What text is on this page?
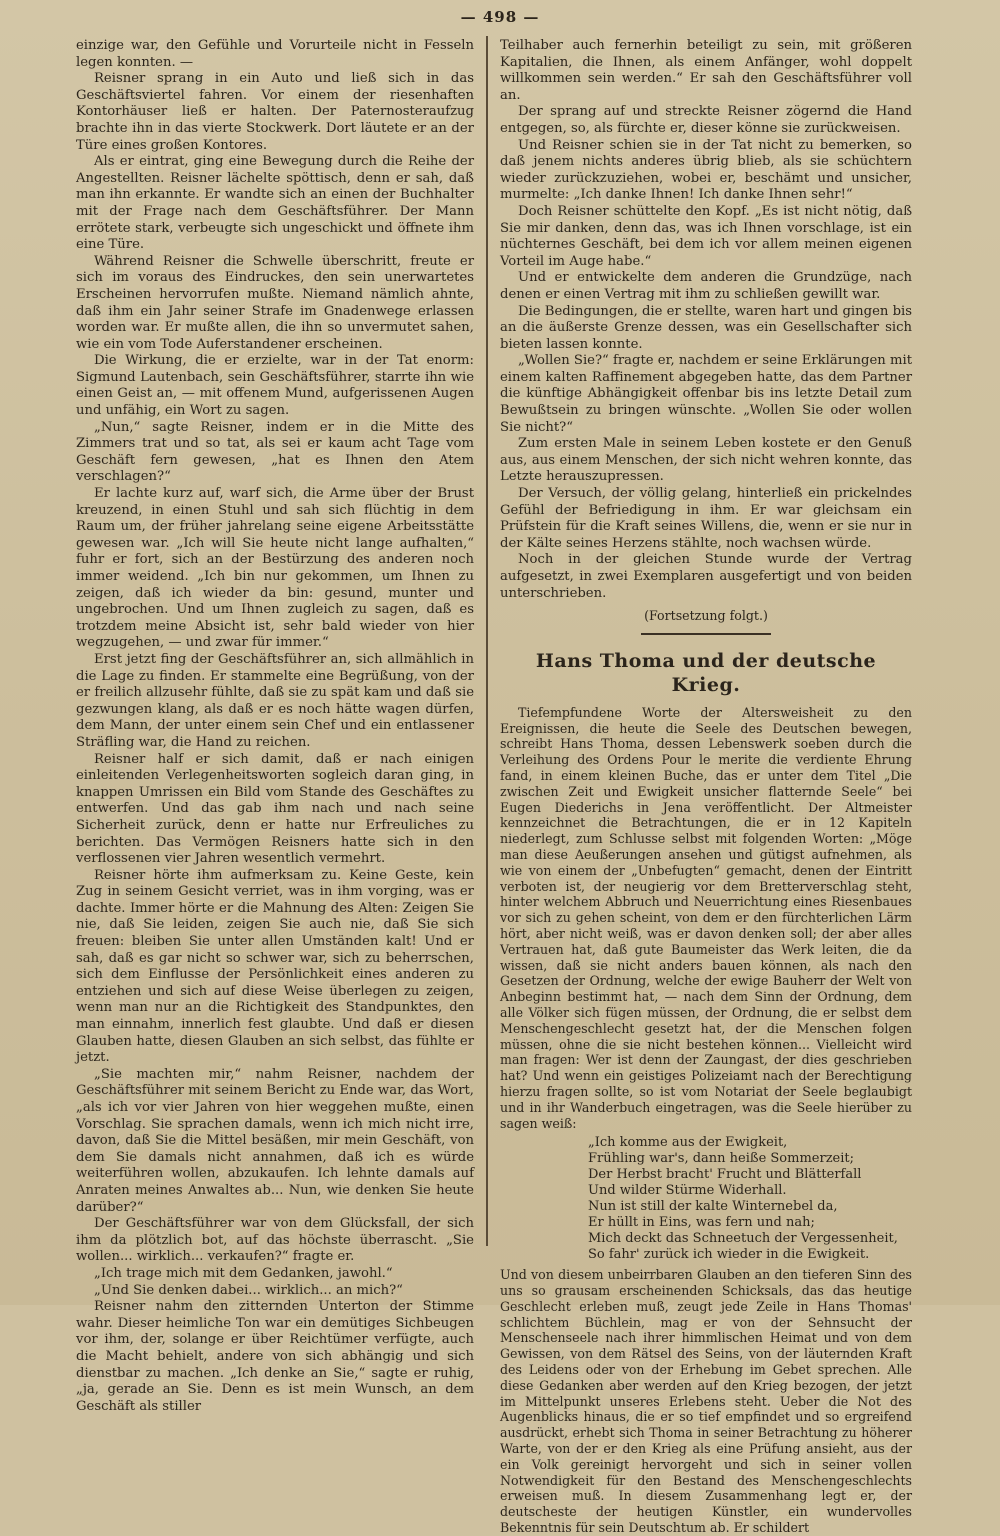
— 498 —

einzige war, den Gefühle und Vorurteile nicht in Fesseln legen konnten. —

Reisner sprang in ein Auto und ließ sich in das Geschäftsviertel fahren. Vor einem der riesenhaften Kontorhäuser ließ er halten. Der Paternosteraufzug brachte ihn in das vierte Stockwerk. Dort läutete er an der Türe eines großen Kontores.

Als er eintrat, ging eine Bewegung durch die Reihe der Angestellten. Reisner lächelte spöttisch, denn er sah, daß man ihn erkannte. Er wandte sich an einen der Buchhalter mit der Frage nach dem Geschäftsführer. Der Mann errötete stark, verbeugte sich ungeschickt und öffnete ihm eine Türe.

Während Reisner die Schwelle überschritt, freute er sich im voraus des Eindruckes, den sein unerwartetes Erscheinen hervorrufen mußte. Niemand nämlich ahnte, daß ihm ein Jahr seiner Strafe im Gnadenwege erlassen worden war. Er mußte allen, die ihn so unvermutet sahen, wie ein vom Tode Auferstandener erscheinen.

Die Wirkung, die er erzielte, war in der Tat enorm: Sigmund Lautenbach, sein Geschäftsführer, starrte ihn wie einen Geist an, — mit offenem Mund, aufgerissenen Augen und unfähig, ein Wort zu sagen.

„Nun,“ sagte Reisner, indem er in die Mitte des Zimmers trat und so tat, als sei er kaum acht Tage vom Geschäft fern gewesen, „hat es Ihnen den Atem verschlagen?“

Er lachte kurz auf, warf sich, die Arme über der Brust kreuzend, in einen Stuhl und sah sich flüchtig in dem Raum um, der früher jahrelang seine eigene Arbeitsstätte gewesen war. „Ich will Sie heute nicht lange aufhalten,“ fuhr er fort, sich an der Bestürzung des anderen noch immer weidend. „Ich bin nur gekommen, um Ihnen zu zeigen, daß ich wieder da bin: gesund, munter und ungebrochen. Und um Ihnen zugleich zu sagen, daß es trotzdem meine Absicht ist, sehr bald wieder von hier wegzugehen, — und zwar für immer.“

Erst jetzt fing der Geschäftsführer an, sich allmählich in die Lage zu finden. Er stammelte eine Begrüßung, von der er freilich allzusehr fühlte, daß sie zu spät kam und daß sie gezwungen klang, als daß er es noch hätte wagen dürfen, dem Mann, der unter einem sein Chef und ein entlassener Sträfling war, die Hand zu reichen.

Reisner half er sich damit, daß er nach einigen einleitenden Verlegenheitsworten sogleich daran ging, in knappen Umrissen ein Bild vom Stande des Geschäftes zu entwerfen. Und das gab ihm nach und nach seine Sicherheit zurück, denn er hatte nur Erfreuliches zu berichten. Das Vermögen Reisners hatte sich in den verflossenen vier Jahren wesentlich vermehrt.

Reisner hörte ihm aufmerksam zu. Keine Geste, kein Zug in seinem Gesicht verriet, was in ihm vorging, was er dachte. Immer hörte er die Mahnung des Alten: Zeigen Sie nie, daß Sie leiden, zeigen Sie auch nie, daß Sie sich freuen: bleiben Sie unter allen Umständen kalt! Und er sah, daß es gar nicht so schwer war, sich zu beherrschen, sich dem Einflusse der Persönlichkeit eines anderen zu entziehen und sich auf diese Weise überlegen zu zeigen, wenn man nur an die Richtigkeit des Standpunktes, den man einnahm, innerlich fest glaubte. Und daß er diesen Glauben hatte, diesen Glauben an sich selbst, das fühlte er jetzt.

„Sie machten mir,“ nahm Reisner, nachdem der Geschäftsführer mit seinem Bericht zu Ende war, das Wort, „als ich vor vier Jahren von hier weggehen mußte, einen Vorschlag. Sie sprachen damals, wenn ich mich nicht irre, davon, daß Sie die Mittel besäßen, mir mein Geschäft, von dem Sie damals nicht annahmen, daß ich es würde weiterführen wollen, abzukaufen. Ich lehnte damals auf Anraten meines Anwaltes ab... Nun, wie denken Sie heute darüber?“

Der Geschäftsführer war von dem Glücksfall, der sich ihm da plötzlich bot, auf das höchste überrascht. „Sie wollen... wirklich... verkaufen?“ fragte er.

„Ich trage mich mit dem Gedanken, jawohl.“

„Und Sie denken dabei... wirklich... an mich?“

Reisner nahm den zitternden Unterton der Stimme wahr. Dieser heimliche Ton war ein demütiges Sichbeugen vor ihm, der, solange er über Reichtümer verfügte, auch die Macht behielt, andere von sich abhängig und sich dienstbar zu machen. „Ich denke an Sie,“ sagte er ruhig, „ja, gerade an Sie. Denn es ist mein Wunsch, an dem Geschäft als stiller

Teilhaber auch fernerhin beteiligt zu sein, mit größeren Kapitalien, die Ihnen, als einem Anfänger, wohl doppelt willkommen sein werden.“ Er sah den Geschäftsführer voll an.

Der sprang auf und streckte Reisner zögernd die Hand entgegen, so, als fürchte er, dieser könne sie zurückweisen.

Und Reisner schien sie in der Tat nicht zu bemerken, so daß jenem nichts anderes übrig blieb, als sie schüchtern wieder zurückzuziehen, wobei er, beschämt und unsicher, murmelte: „Ich danke Ihnen! Ich danke Ihnen sehr!“

Doch Reisner schüttelte den Kopf. „Es ist nicht nötig, daß Sie mir danken, denn das, was ich Ihnen vorschlage, ist ein nüchternes Geschäft, bei dem ich vor allem meinen eigenen Vorteil im Auge habe.“

Und er entwickelte dem anderen die Grundzüge, nach denen er einen Vertrag mit ihm zu schließen gewillt war.

Die Bedingungen, die er stellte, waren hart und gingen bis an die äußerste Grenze dessen, was ein Gesellschafter sich bieten lassen konnte.

„Wollen Sie?“ fragte er, nachdem er seine Erklärungen mit einem kalten Raffinement abgegeben hatte, das dem Partner die künftige Abhängigkeit offenbar bis ins letzte Detail zum Bewußtsein zu bringen wünschte. „Wollen Sie oder wollen Sie nicht?“

Zum ersten Male in seinem Leben kostete er den Genuß aus, aus einem Menschen, der sich nicht wehren konnte, das Letzte herauszupressen.

Der Versuch, der völlig gelang, hinterließ ein prickelndes Gefühl der Befriedigung in ihm. Er war gleichsam ein Prüfstein für die Kraft seines Willens, die, wenn er sie nur in der Kälte seines Herzens stählte, noch wachsen würde.

Noch in der gleichen Stunde wurde der Vertrag aufgesetzt, in zwei Exemplaren ausgefertigt und von beiden unterschrieben.

(Fortsetzung folgt.)

Hans Thoma und der deutsche Krieg.

Tiefempfundene Worte der Altersweisheit zu den Ereignissen, die heute die Seele des Deutschen bewegen, schreibt Hans Thoma, dessen Lebenswerk soeben durch die Verleihung des Ordens Pour le merite die verdiente Ehrung fand, in einem kleinen Buche, das er unter dem Titel „Die zwischen Zeit und Ewigkeit unsicher flatternde Seele“ bei Eugen Diederichs in Jena veröffentlicht. Der Altmeister kennzeichnet die Betrachtungen, die er in 12 Kapiteln niederlegt, zum Schlusse selbst mit folgenden Worten: „Möge man diese Aeußerungen ansehen und gütigst aufnehmen, als wie von einem der „Unbefugten“ gemacht, denen der Eintritt verboten ist, der neugierig vor dem Bretterverschlag steht, hinter welchem Abbruch und Neuerrichtung eines Riesenbaues vor sich zu gehen scheint, von dem er den fürchterlichen Lärm hört, aber nicht weiß, was er davon denken soll; der aber alles Vertrauen hat, daß gute Baumeister das Werk leiten, die da wissen, daß sie nicht anders bauen können, als nach den Gesetzen der Ordnung, welche der ewige Bauherr der Welt von Anbeginn bestimmt hat, — nach dem Sinn der Ordnung, dem alle Völker sich fügen müssen, der Ordnung, die er selbst dem Menschengeschlecht gesetzt hat, der die Menschen folgen müssen, ohne die sie nicht bestehen können... Vielleicht wird man fragen: Wer ist denn der Zaungast, der dies geschrieben hat? Und wenn ein geistiges Polizeiamt nach der Berechtigung hierzu fragen sollte, so ist vom Notariat der Seele beglaubigt und in ihr Wanderbuch eingetragen, was die Seele hierüber zu sagen weiß:

„Ich komme aus der Ewigkeit,
Frühling war's, dann heiße Sommerzeit;
Der Herbst bracht' Frucht und Blätterfall
Und wilder Stürme Widerhall.
Nun ist still der kalte Winternebel da,
Er hüllt in Eins, was fern und nah;
Mich deckt das Schneetuch der Vergessenheit,
So fahr' zurück ich wieder in die Ewigkeit.

Und von diesem unbeirrbaren Glauben an den tieferen Sinn des uns so grausam erscheinenden Schicksals, das das heutige Geschlecht erleben muß, zeugt jede Zeile in Hans Thomas' schlichtem Büchlein, mag er von der Sehnsucht der Menschenseele nach ihrer himmlischen Heimat und von dem Gewissen, von dem Rätsel des Seins, von der läuternden Kraft des Leidens oder von der Erhebung im Gebet sprechen. Alle diese Gedanken aber werden auf den Krieg bezogen, der jetzt im Mittelpunkt unseres Erlebens steht. Ueber die Not des Augenblicks hinaus, die er so tief empfindet und so ergreifend ausdrückt, erhebt sich Thoma in seiner Betrachtung zu höherer Warte, von der er den Krieg als eine Prüfung ansieht, aus der ein Volk gereinigt hervorgeht und sich in seiner vollen Notwendigkeit für den Bestand des Menschengeschlechts erweisen muß. In diesem Zusammenhang legt er, der deutscheste der heutigen Künstler, ein wundervolles Bekenntnis für sein Deutschtum ab. Er schildert
